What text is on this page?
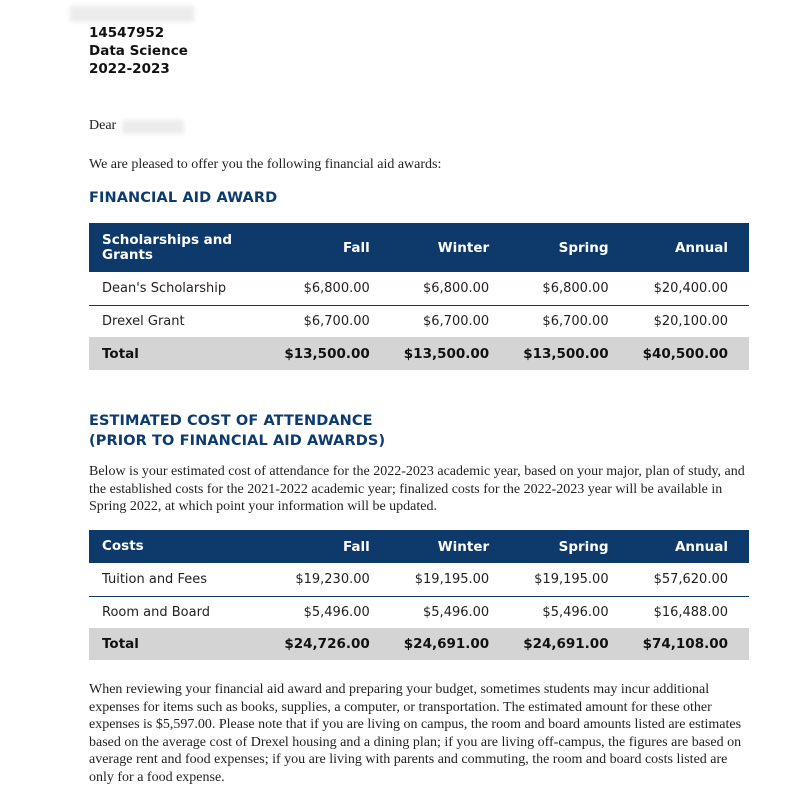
14547952
Data Science
2022-2023
Dear
We are pleased to offer you the following financial aid awards:
FINANCIAL AID AWARD
Scholarships and Grants	Fall	Winter	Spring	Annual
Dean's Scholarship	$6,800.00	$6,800.00	$6,800.00	$20,400.00
Drexel Grant	$6,700.00	$6,700.00	$6,700.00	$20,100.00
Total	$13,500.00	$13,500.00	$13,500.00	$40,500.00
ESTIMATED COST OF ATTENDANCE
(PRIOR TO FINANCIAL AID AWARDS)
Below is your estimated cost of attendance for the 2022-2023 academic year, based on your major, plan of study, and the established costs for the 2021-2022 academic year; finalized costs for the 2022-2023 year will be available in Spring 2022, at which point your information will be updated.
Costs	Fall	Winter	Spring	Annual
Tuition and Fees	$19,230.00	$19,195.00	$19,195.00	$57,620.00
Room and Board	$5,496.00	$5,496.00	$5,496.00	$16,488.00
Total	$24,726.00	$24,691.00	$24,691.00	$74,108.00
When reviewing your financial aid award and preparing your budget, sometimes students may incur additional expenses for items such as books, supplies, a computer, or transportation. The estimated amount for these other expenses is $5,597.00. Please note that if you are living on campus, the room and board amounts listed are estimates based on the average cost of Drexel housing and a dining plan; if you are living off-campus, the figures are based on average rent and food expenses; if you are living with parents and commuting, the room and board costs listed are only for a food expense.
